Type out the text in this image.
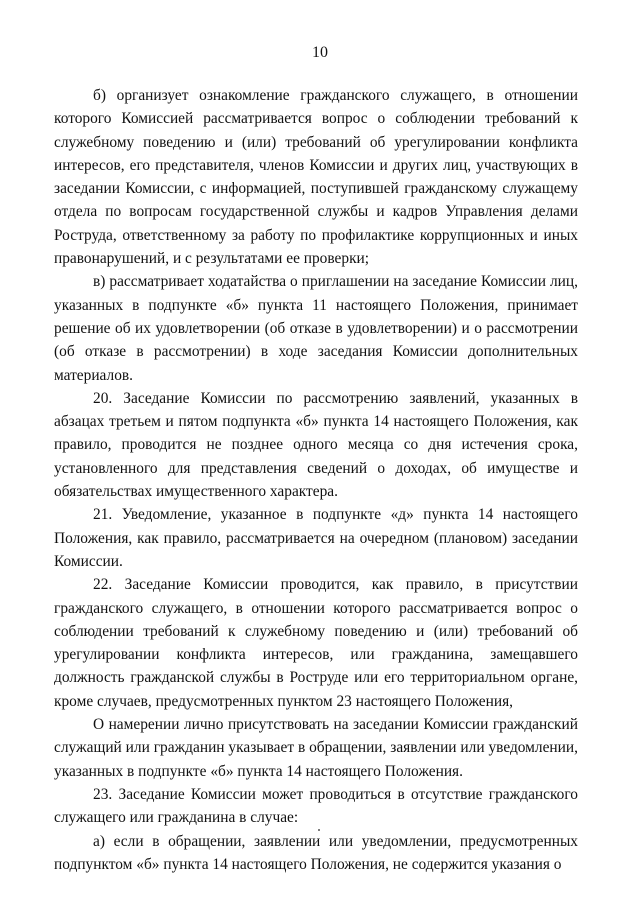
10

б) организует ознакомление гражданского служащего, в отношении которого Комиссией рассматривается вопрос о соблюдении требований к служебному поведению и (или) требований об урегулировании конфликта интересов, его представителя, членов Комиссии и других лиц, участвующих в заседании Комиссии, с информацией, поступившей гражданскому служащему отдела по вопросам государственной службы и кадров Управления делами Роструда, ответственному за работу по профилактике коррупционных и иных правонарушений, и с результатами ее проверки;

в) рассматривает ходатайства о приглашении на заседание Комиссии лиц, указанных в подпункте «б» пункта 11 настоящего Положения, принимает решение об их удовлетворении (об отказе в удовлетворении) и о рассмотрении (об отказе в рассмотрении) в ходе заседания Комиссии дополнительных материалов.

20. Заседание Комиссии по рассмотрению заявлений, указанных в абзацах третьем и пятом подпункта «б» пункта 14 настоящего Положения, как правило, проводится не позднее одного месяца со дня истечения срока, установленного для представления сведений о доходах, об имуществе и обязательствах имущественного характера.

21. Уведомление, указанное в подпункте «д» пункта 14 настоящего Положения, как правило, рассматривается на очередном (плановом) заседании Комиссии.

22. Заседание Комиссии проводится, как правило, в присутствии гражданского служащего, в отношении которого рассматривается вопрос о соблюдении требований к служебному поведению и (или) требований об урегулировании конфликта интересов, или гражданина, замещавшего должность гражданской службы в Роструде или его территориальном органе, кроме случаев, предусмотренных пунктом 23 настоящего Положения,

О намерении лично присутствовать на заседании Комиссии гражданский служащий или гражданин указывает в обращении, заявлении или уведомлении, указанных в подпункте «б» пункта 14 настоящего Положения.

23. Заседание Комиссии может проводиться в отсутствие гражданского служащего или гражданина в случае:

а) если в обращении, заявлении или уведомлении, предусмотренных подпунктом «б» пункта 14 настоящего Положения, не содержится указания о
